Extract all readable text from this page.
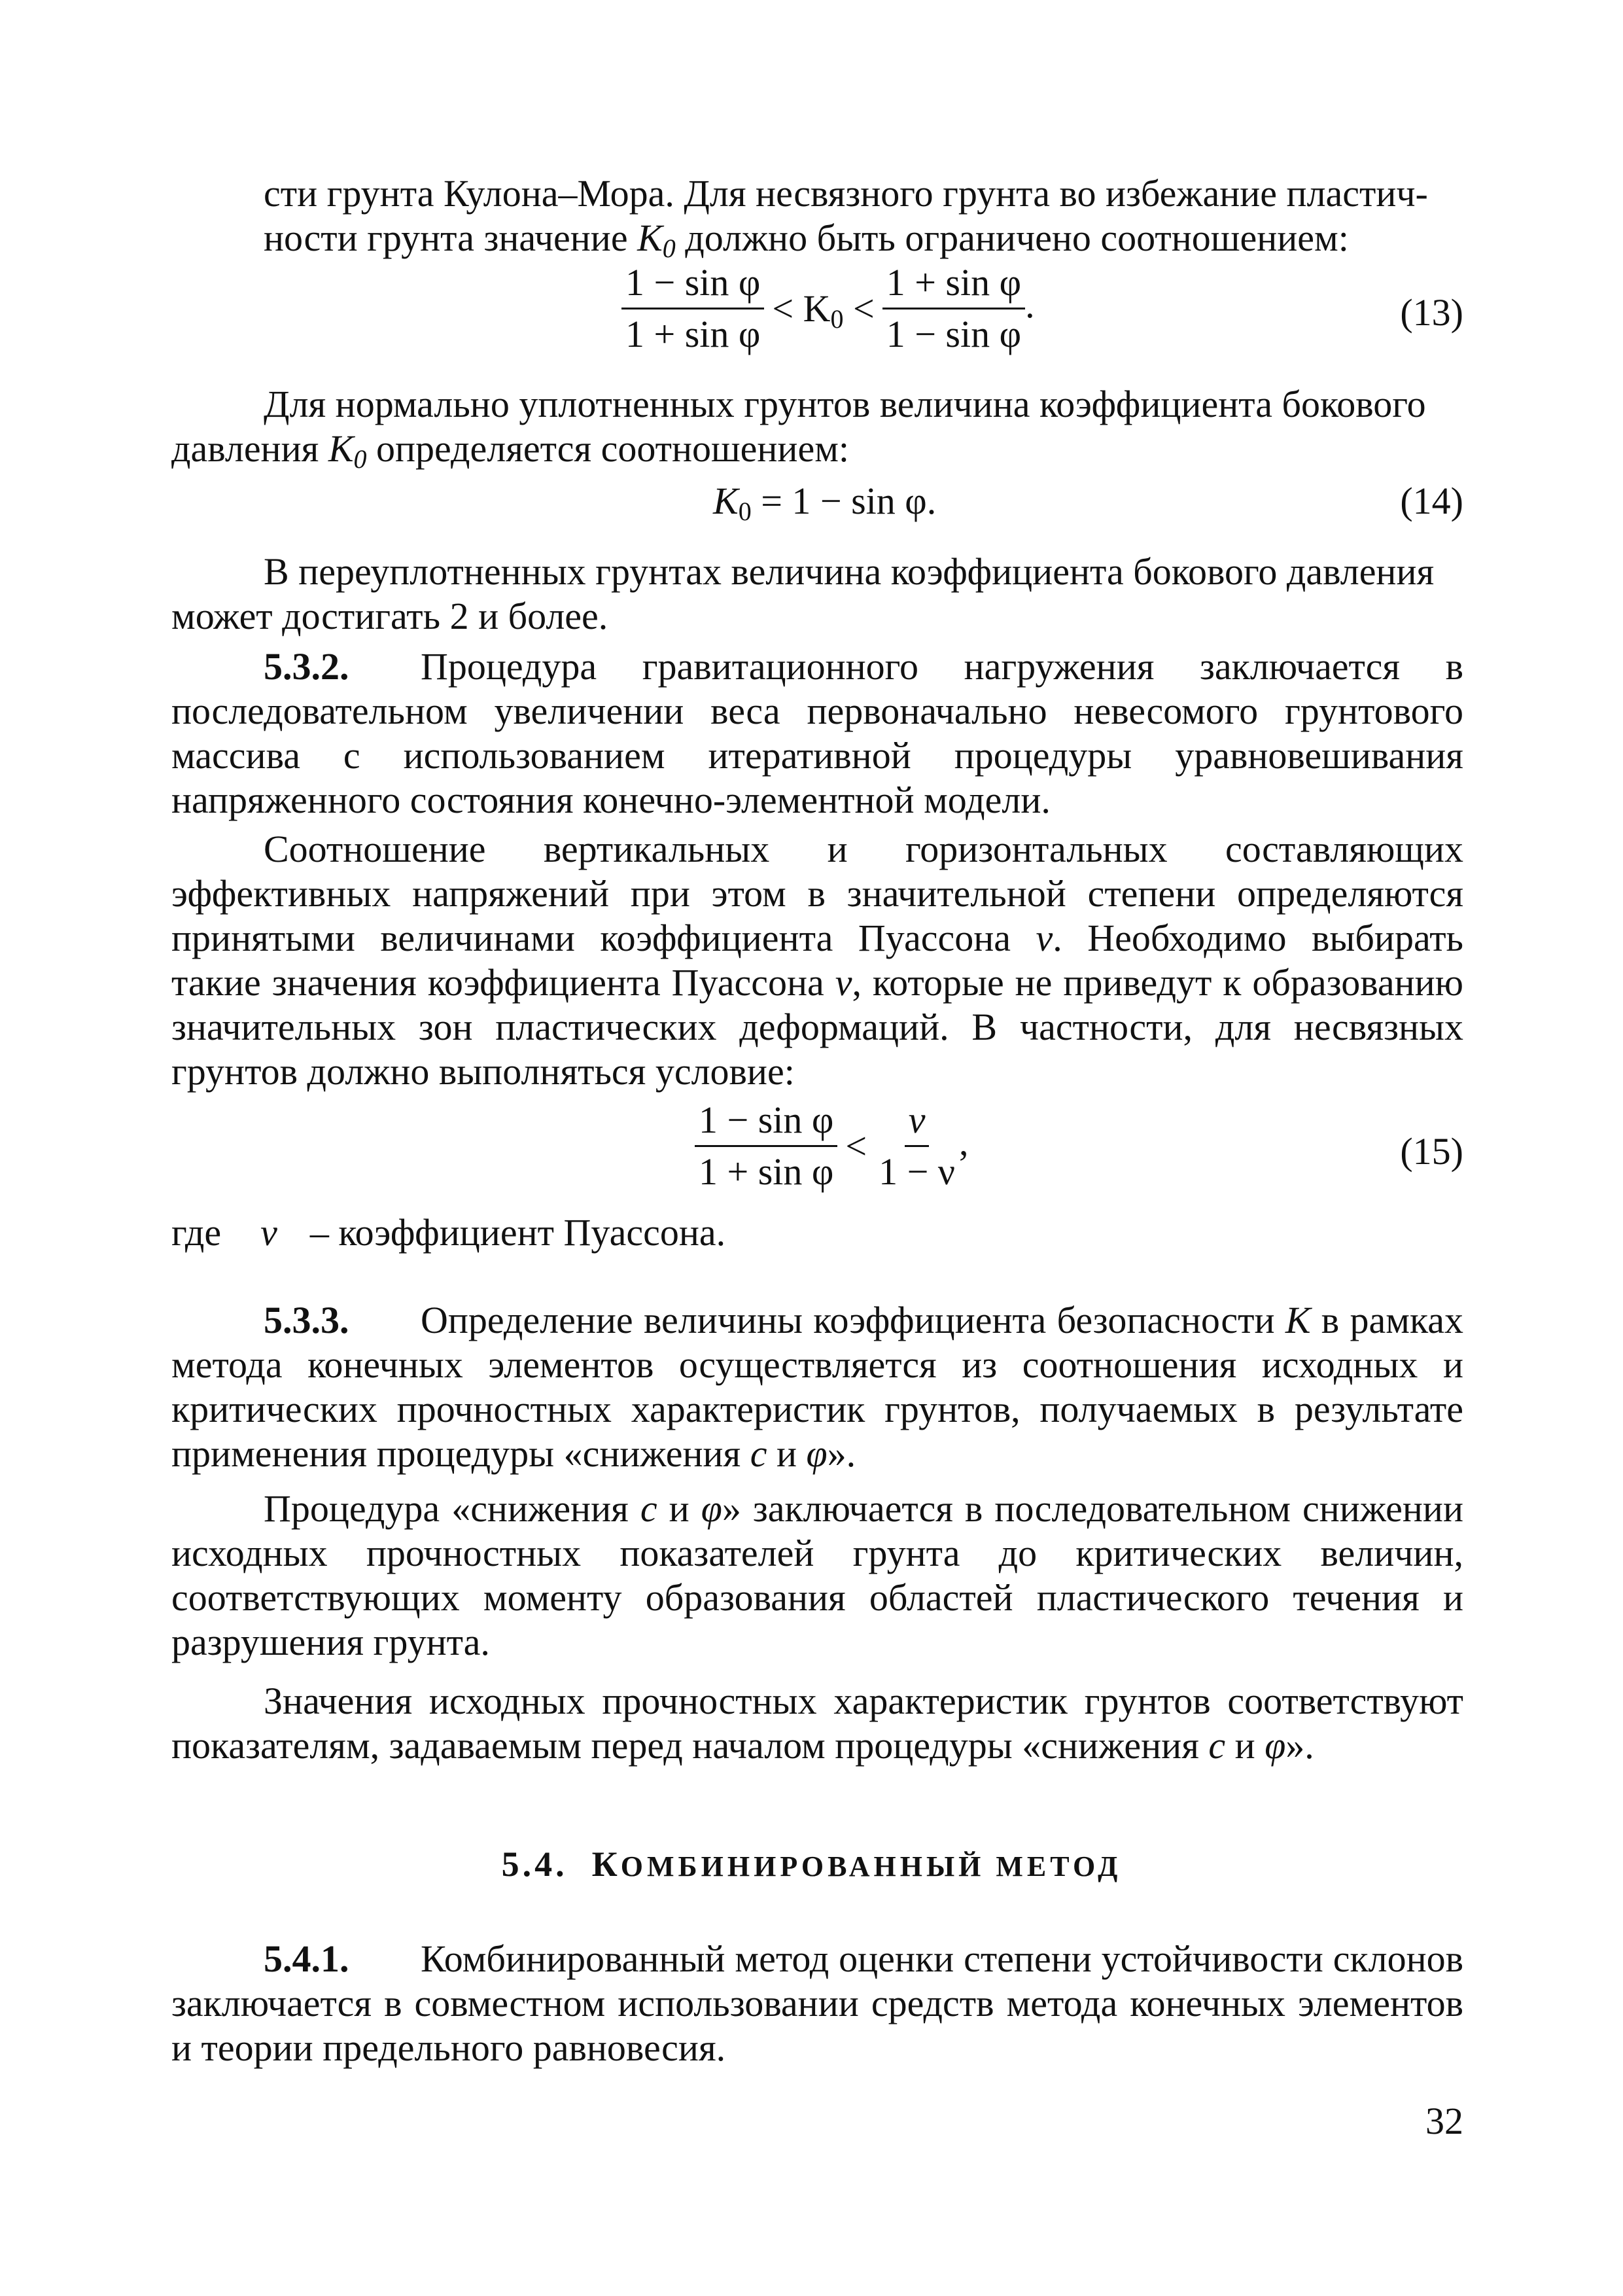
сти грунта Кулона–Мора. Для несвязного грунта во избежание пластич-
ности грунта значение $K_0$ должно быть ограничено соотношением:
$\frac{\text{1 − sin φ}}{\text{1 + sin φ}} < K_0 < \frac{\text{1 + sin φ}}{\text{1 − sin φ}}$ .	(13)
Для нормально уплотненных грунтов величина коэффициента бокового
давления $K_0$ определяется соотношением:
$K_0 = 1 - \sin \varphi$.	(14)
В переуплотненных грунтах величина коэффициента бокового давления
может достигать 2 и более.
5.3.2. Процедура гравитационного нагружения заключается в последовательном увеличении веса первоначально невесомого грунтового массива с использованием итеративной процедуры уравновешивания напряженного состояния конечно-элементной модели.
Соотношение вертикальных и горизонтальных составляющих эффективных напряжений при этом в значительной степени определяются принятыми величинами коэффициента Пуассона ν. Необходимо выбирать такие значения коэффициента Пуассона ν, которые не приведут к образованию значительных зон пластических деформаций. В частности, для несвязных грунтов должно выполняться условие:
$\frac{\text{1 − sin φ}}{\text{1 + sin φ}} < \frac{\nu}{1 - \nu}$ ,	(15)
где ν – коэффициент Пуассона.
5.3.3. Определение величины коэффициента безопасности K в рамках метода конечных элементов осуществляется из соотношения исходных и критических прочностных характеристик грунтов, получаемых в результате применения процедуры «снижения c и φ».
Процедура «снижения c и φ» заключается в последовательном снижении исходных прочностных показателей грунта до критических величин, соответствующих моменту образования областей пластического течения и разрушения грунта.
Значения исходных прочностных характеристик грунтов соответствуют показателям, задаваемым перед началом процедуры «снижения c и φ».
5.4. КОМБИНИРОВАННЫЙ МЕТОД
5.4.1. Комбинированный метод оценки степени устойчивости склонов заключается в совместном использовании средств метода конечных элементов и теории предельного равновесия.
32
